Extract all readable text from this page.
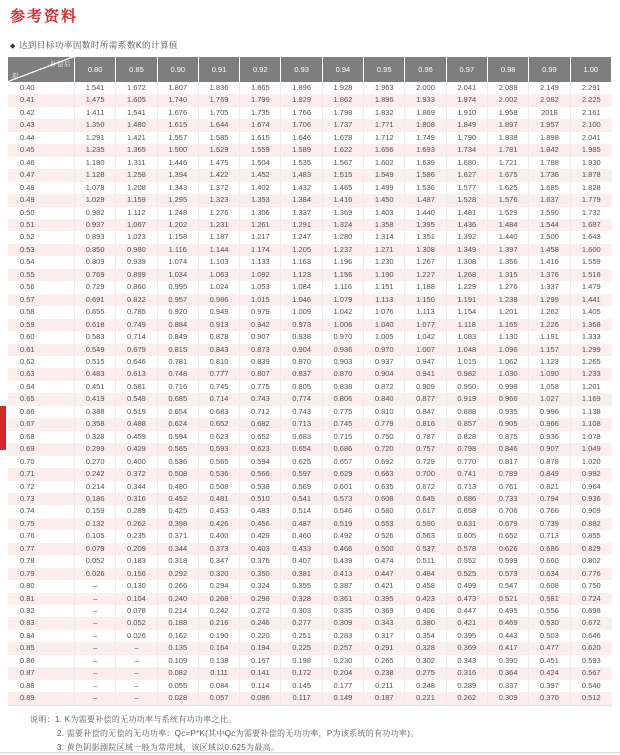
参考资料
◆ 达到目标功率因数时所需系数K的计算值
补偿后
原	0.80	0.85	0.90	0.91	0.92	0.93	0.94	0.95	0.96	0.97	0.98	0.99	1.00
0.40	1.541	1.672	1.807	1.836	1.865	1.896	1.928	1.963	2.000	2.041	2.088	2.149	2.291
0.41	1.475	1.605	1.740	1.769	1.799	1.829	1.862	1.896	1.933	1.974	2.002	2.082	2.225
0.42	1.411	1.541	1.676	1.705	1.735	1.766	1.798	1.832	1.869	1.910	1.958	2018	2.161
0.43	1.350	1.480	1.615	1.644	1.674	1.706	1.737	1.771	1.808	1.849	1.897	1.957	2.100
0.44	1.291	1.421	1.557	1.585	1.615	1.646	1.678	1.712	1.749	1.790	1.838	1.898	2.041
0.45	1.235	1.365	1.500	1.529	1.559	1.589	1.622	1.656	1.693	1.734	1.781	1.842	1.985
0.46	1.180	1.311	1.446	1.475	1.504	1.535	1.567	1.602	1.639	1.680	1.721	1.788	1.930
0.47	1.128	1.258	1.394	1.422	1.452	1.483	1.515	1.549	1.586	1.627	1.675	1.736	1.878
0.48	1.078	1.208	1.343	1.372	1.402	1.432	1.465	1.499	1.536	1.577	1.625	1.685	1.828
0.49	1.029	1.159	1.295	1.323	1.353	1.384	1.416	1.450	1.487	1.528	1.576	1.637	1.779
0.50	0.982	1.112	1.248	1.276	1.306	1.337	1.369	1.403	1.440	1.481	1.529	1.590	1.732
0.51	0.937	1.067	1.202	1.231	1.261	1.291	1.324	1.358	1.395	1.436	1.484	1.544	1.687
0.52	0.893	1.023	1.158	1.187	1.217	1.247	1.280	1.314	1.351	1.392	1.440	1.500	1.643
0.53	0.850	0.980	1.116	1.144	1.174	1.205	1.237	1.271	1.308	1.349	1.397	1.458	1.600
0.54	0.809	0.939	1.074	1.103	1.133	1.163	1.196	1.230	1.267	1.308	1.356	1.416	1.559
0.55	0.769	0.899	1.034	1.063	1.092	1.123	1.156	1.190	1.227	1.268	1.315	1.376	1.518
0.56	0.729	0.860	0.995	1.024	1.053	1.084	1.116	1.151	1.188	1.229	1.276	1.337	1.479
0.57	0.691	0.822	0.957	0.986	1.015	1.046	1.079	1.113	1.150	1.191	1.238	1.299	1.441
0.58	0.655	0.785	0.920	0.949	0.979	1.009	1.042	1.076	1.113	1.154	1.201	1.262	1.405
0.59	0.618	0.749	0.884	0.913	0.942	0.973	1.006	1.040	1.077	1.118	1.165	1.226	1.368
0.60	0.583	0.714	0.849	0.878	0.907	0.938	0.970	1.005	1.042	1.083	1.130	1.191	1.333
0.61	0.549	0.679	0.815	0.843	0.873	0.904	0.936	0.970	1.007	1.048	1.096	1.157	1.299
0.62	0.515	0.646	0.781	0.810	0.839	0.870	0.903	0.937	0.947	1.015	1.062	1.123	1.265
0.63	0.483	0.613	0.748	0.777	0.807	0.837	0.870	0.904	0.941	0.982	1.030	1.090	1.233
0.64	0.451	0.581	0.716	0.745	0.775	0.805	0.838	0.872	0.909	0.950	0.998	1.058	1.201
0.65	0.419	0.549	0.685	0.714	0.743	0.774	0.806	0.840	0.877	0.919	0.966	1.027	1.169
0.66	0.388	0.519	0.654	0.683	0.712	0.743	0.775	0.810	0.847	0.888	0.935	0.996	1.138
0.67	0.358	0.488	0.624	0.652	0.682	0.713	0.745	0.779	0.816	0.857	0.905	0.966	1.108
0.68	0.328	0.459	0.594	0.623	0.652	0.683	0.715	0.750	0.787	0.828	0.875	0.936	1.078
0.69	0.299	0.429	0.565	0.593	0.623	0.654	0.686	0.720	0.757	0.798	0.846	0.907	1.049
0.70	0.270	0.400	0.536	0.565	0.594	0.625	0.657	0.692	0.729	0.770	0.817	0.878	1.020
0.71	0.242	0.372	0.508	0.536	0.566	0.597	0.629	0.663	0.700	0.741	0.789	0.849	0.992
0.72	0.214	0.344	0.480	0.508	0.538	0.569	0.601	0.635	0.672	0.713	0.761	0.821	0.964
0.73	0.186	0.316	0.452	0.481	0.510	0.541	0.573	0.608	0.645	0.686	0.733	0.794	0.936
0.74	0.159	0.289	0.425	0.453	0.483	0.514	0.546	0.580	0.617	0.658	0.706	0.766	0.909
0.75	0.132	0.262	0.398	0.426	0.456	0.487	0.519	0.553	0.590	0.631	0.679	0.739	0.882
0.76	0.105	0.235	0.371	0.400	0.429	0.460	0.492	0.526	0.563	0.605	0.652	0.713	0.855
0.77	0.079	0.209	0.344	0.373	0.403	0.433	0.466	0.500	0.537	0.578	0.626	0.686	0.829
0.78	0.052	0.183	0.318	0.347	0.376	0.407	0.439	0.474	0.511	0.552	0.599	0.660	0.802
0.79	0.026	0.156	0.292	0.320	0.350	0.381	0.413	0.447	0.484	0.525	0.573	0.634	0.776
0.80	–	0.130	0.266	0.294	0.324	0.355	0.387	0.421	0.458	0.499	0.547	0.608	0.750
0.81	–	0.104	0.240	0.268	0.298	0.328	0.361	0.395	0.423	0.473	0.521	0.581	0.724
0.82	–	0.078	0.214	0.242	0.272	0.303	0.335	0.369	0.406	0.447	0.495	0.556	0.698
0.83	–	0.052	0.188	0.216	0.246	0.277	0.309	0.343	0.380	0.421	0.469	0.530	0.672
0.84	–	0.026	0.162	0.190	0.220	0.251	0.283	0.317	0.354	0.395	0.443	0.503	0.646
0.85	–	–	0.135	0.164	0.194	0.225	0.257	0.291	0.328	0.369	0.417	0.477	0.620
0.86	–	–	0.109	0.138	0.167	0.198	0.230	0.265	0.302	0.343	0.390	0.451	0.593
0.87	–	–	0.082	0.111	0.141	0.172	0.204	0.238	0.275	0.316	0.364	0.424	0.567
0.88	–	–	0.055	0.084	0.114	0.145	0.177	0.211	0.248	0.289	0.337	0.397	0.540
0.89	–	–	0.028	0.057	0.086	0.117	0.149	0.187	0.221	0.262	0.309	0.370	0.512
说明：1. K为需要补偿的无功功率与系统有功功率之比。
2. 需要补偿的无偿的无功功率：Qc=P*K(其中Qc为需要补偿的无功功率，P为该系统的有功功率)。
3. 黄色阴影剧院区域一般为常用域，该区域以0.625为最高。
